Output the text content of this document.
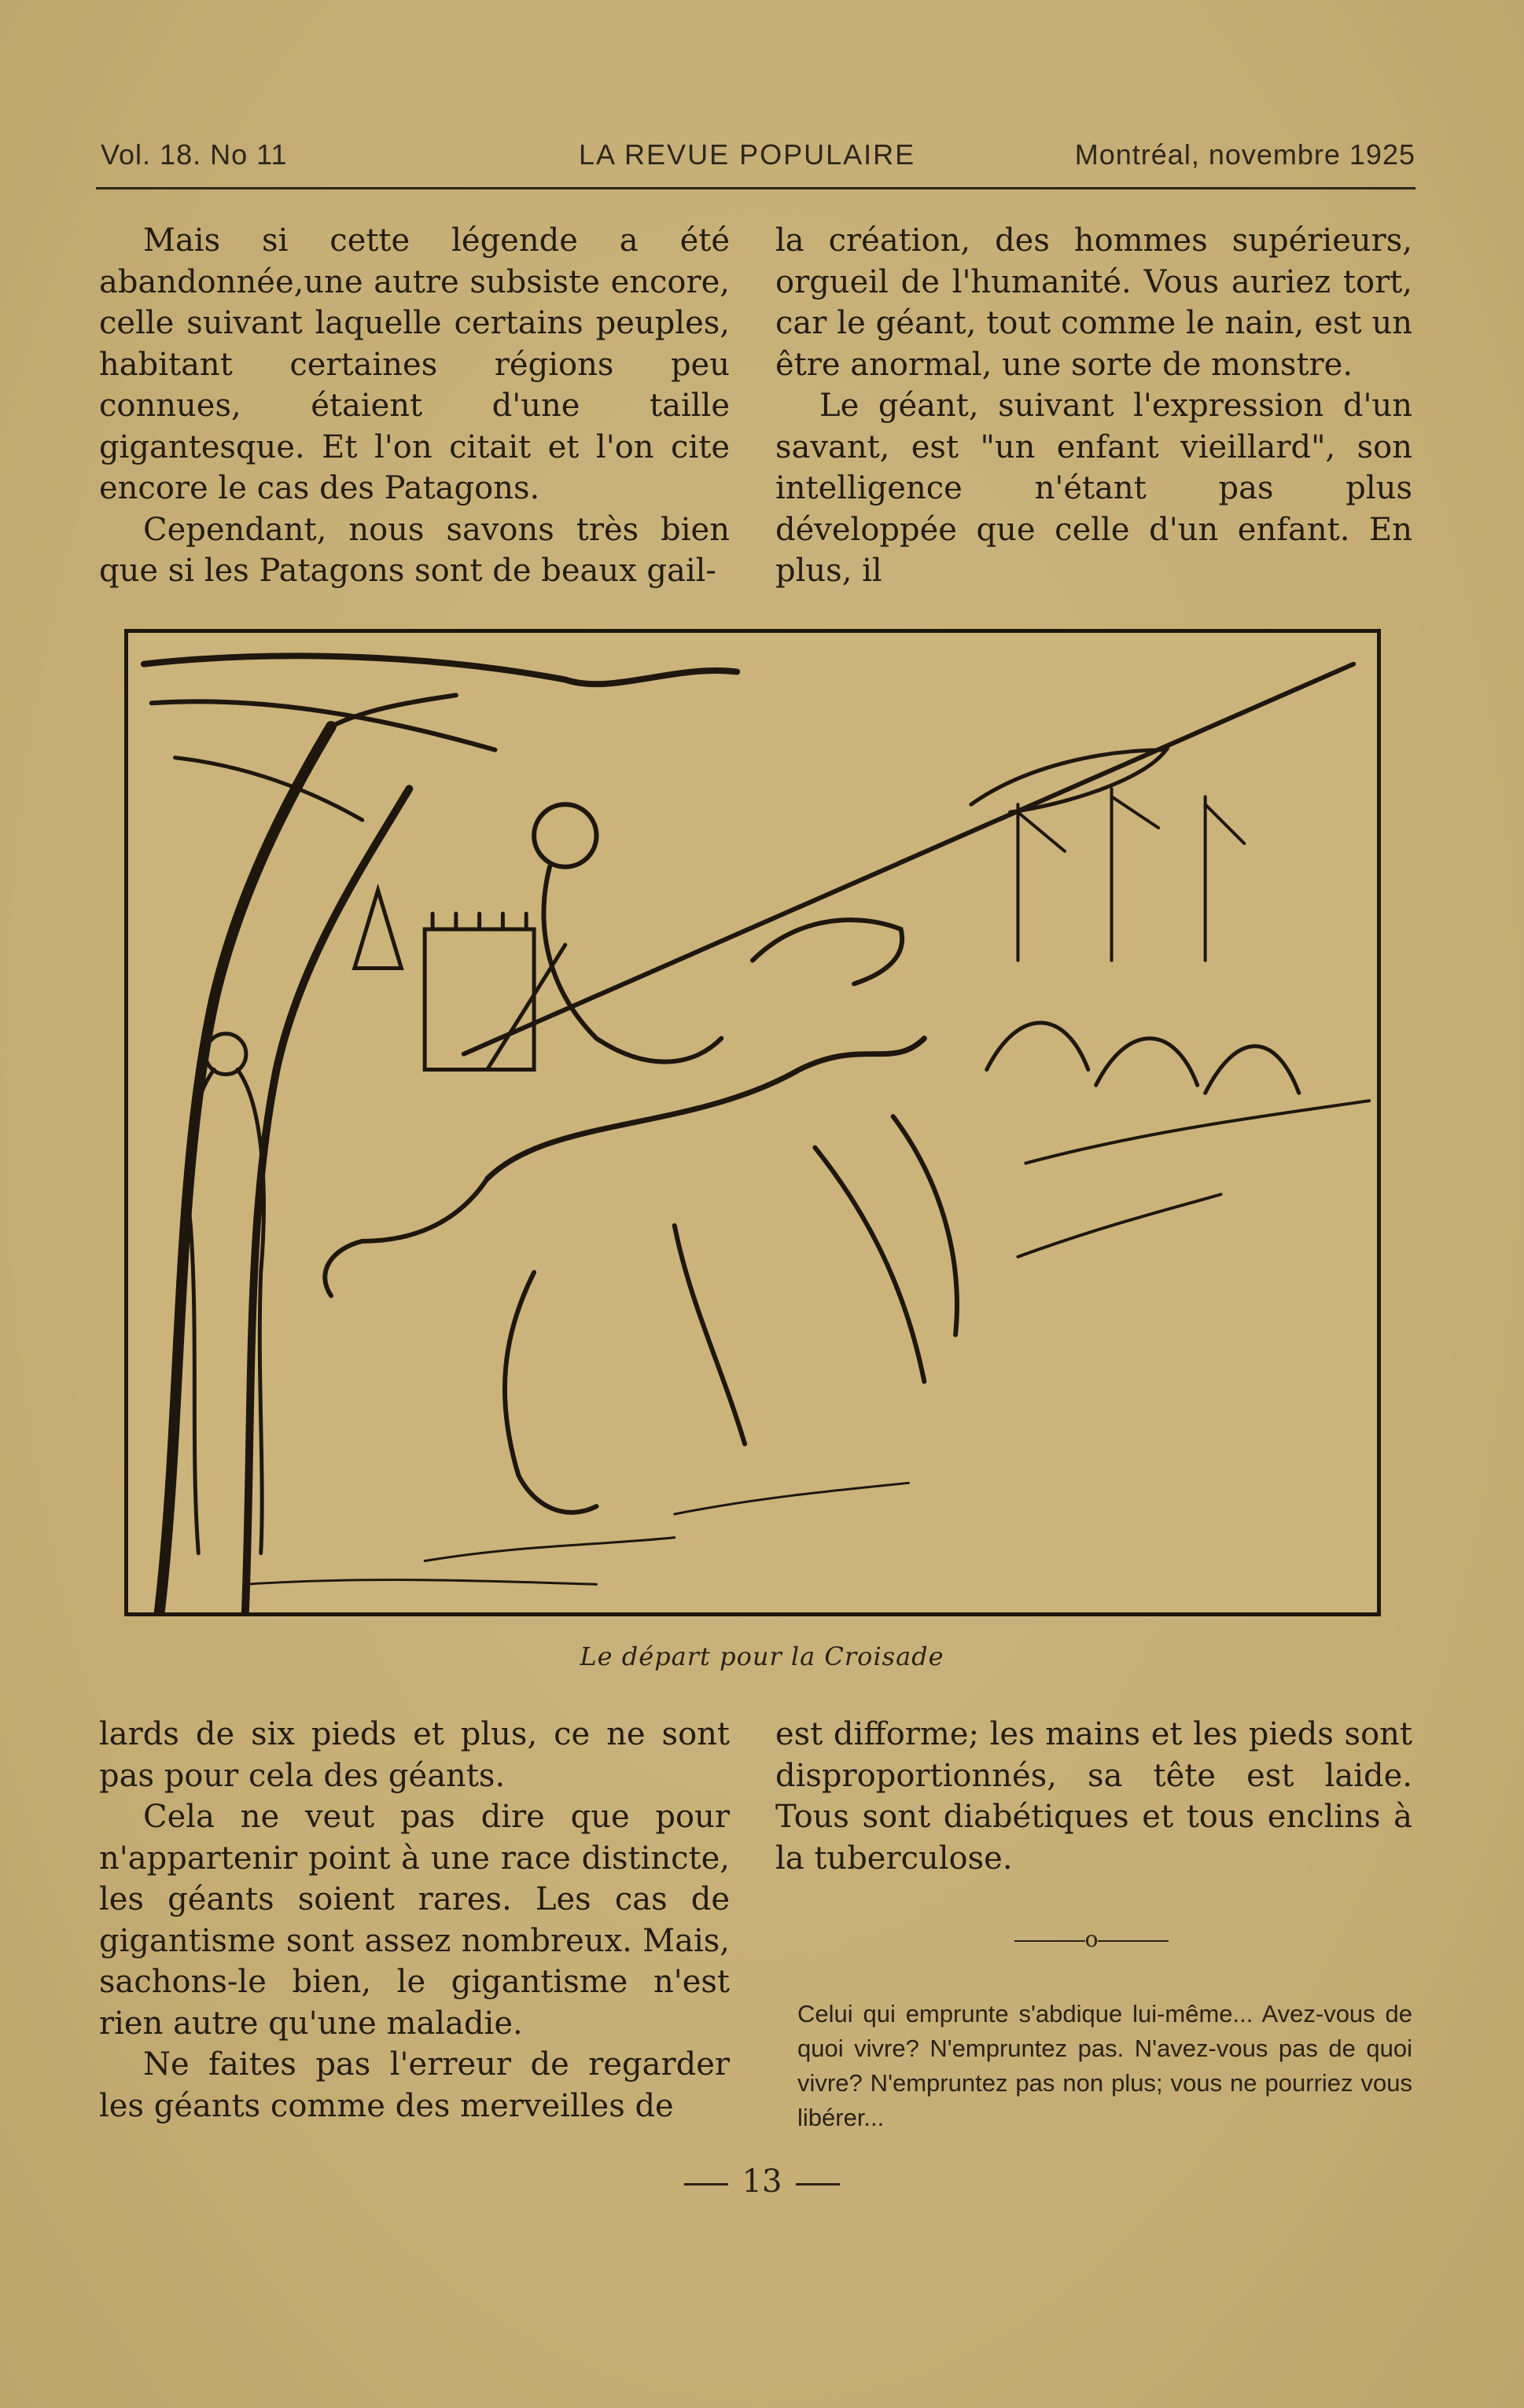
Vol. 18. No 11	LA REVUE POPULAIRE	Montréal, novembre 1925

Mais si cette légende a été abandonnée,une autre subsiste encore, celle suivant laquelle certains peuples, habitant certaines régions peu connues, étaient d'une taille gigantesque. Et l'on citait et l'on cite encore le cas des Patagons.

Cependant, nous savons très bien que si les Patagons sont de beaux gail-

la création, des hommes supérieurs, orgueil de l'humanité. Vous auriez tort, car le géant, tout comme le nain, est un être anormal, une sorte de monstre.

Le géant, suivant l'expression d'un savant, est "un enfant vieillard", son intelligence n'étant pas plus développée que celle d'un enfant. En plus, il

Le départ pour la Croisade

lards de six pieds et plus, ce ne sont pas pour cela des géants.

Cela ne veut pas dire que pour n'appartenir point à une race distincte, les géants soient rares. Les cas de gigantisme sont assez nombreux. Mais, sachons-le bien, le gigantisme n'est rien autre qu'une maladie.

Ne faites pas l'erreur de regarder les géants comme des merveilles de

est difforme; les mains et les pieds sont disproportionnés, sa tête est laide. Tous sont diabétiques et tous enclins à la tuberculose.

o
Celui qui emprunte s'abdique lui-même... Avez-vous de quoi vivre? N'empruntez pas. N'avez-vous pas de quoi vivre? N'empruntez pas non plus; vous ne pourriez vous libérer...
13
